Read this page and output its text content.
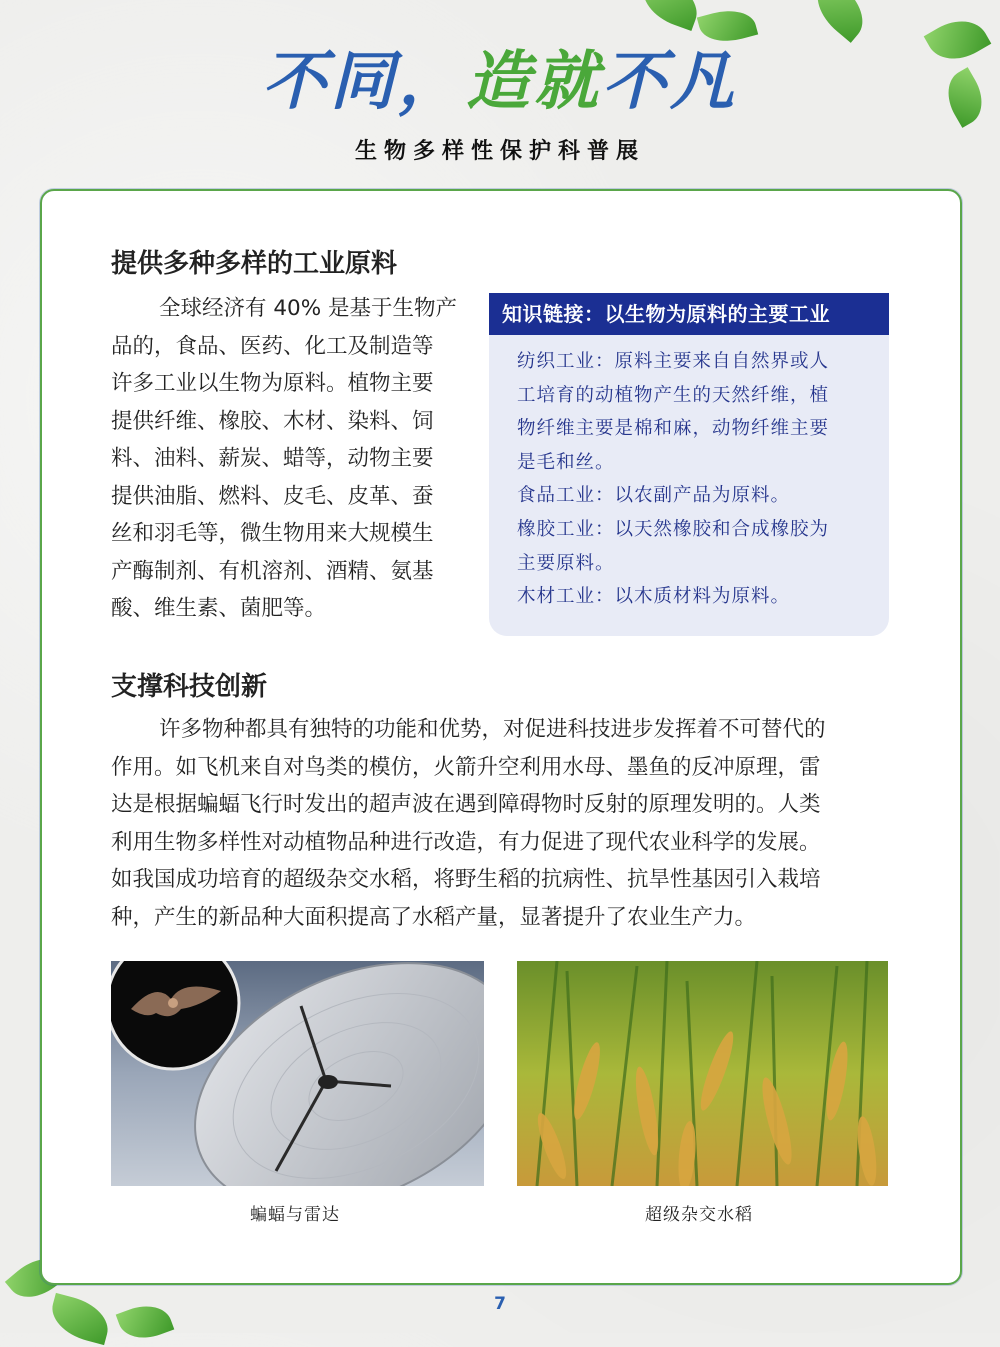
不同，造就不凡
生物多样性保护科普展
提供多种多样的工业原料
全球经济有 40% 是基于生物产
品的，食品、医药、化工及制造等
许多工业以生物为原料。植物主要
提供纤维、橡胶、木材、染料、饲
料、油料、薪炭、蜡等，动物主要
提供油脂、燃料、皮毛、皮革、蚕
丝和羽毛等，微生物用来大规模生
产酶制剂、有机溶剂、酒精、氨基
酸、维生素、菌肥等。
知识链接：以生物为原料的主要工业

纺织工业：原料主要来自自然界或人

工培育的动植物产生的天然纤维，植

物纤维主要是棉和麻，动物纤维主要

是毛和丝。

食品工业：以农副产品为原料。

橡胶工业：以天然橡胶和合成橡胶为

主要原料。

木材工业：以木质材料为原料。

支撑科技创新
许多物种都具有独特的功能和优势，对促进科技进步发挥着不可替代的
作用。如飞机来自对鸟类的模仿，火箭升空利用水母、墨鱼的反冲原理，雷
达是根据蝙蝠飞行时发出的超声波在遇到障碍物时反射的原理发明的。人类
利用生物多样性对动植物品种进行改造，有力促进了现代农业科学的发展。
如我国成功培育的超级杂交水稻，将野生稻的抗病性、抗旱性基因引入栽培
种，产生的新品种大面积提高了水稻产量，显著提升了农业生产力。
蝙蝠与雷达	超级杂交水稻
7
